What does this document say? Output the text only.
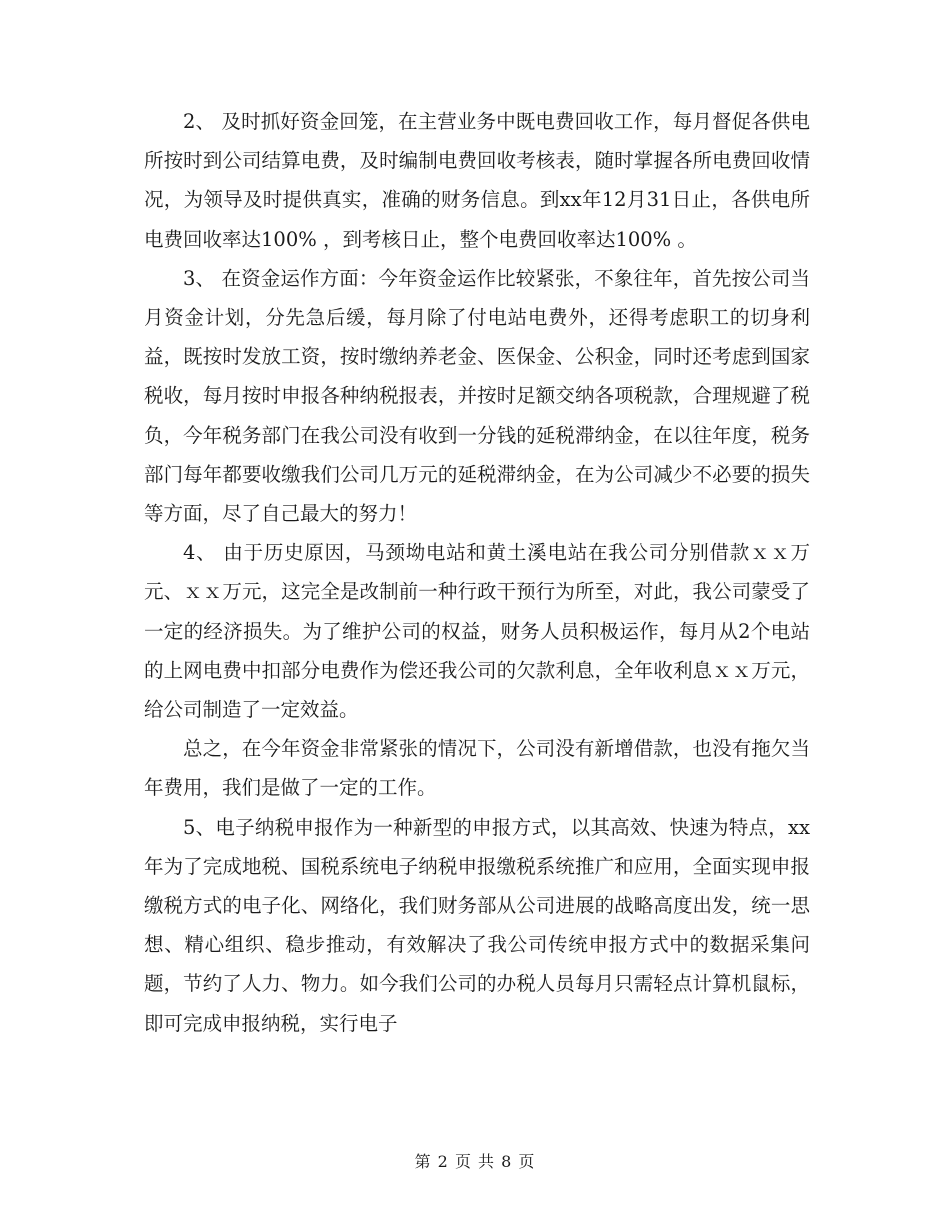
2、 及时抓好资金回笼，在主营业务中既电费回收工作，每月督促各供电所按时到公司结算电费，及时编制电费回收考核表，随时掌握各所电费回收情况，为领导及时提供真实，准确的财务信息。到xx年12月31日止，各供电所电费回收率达100% ，到考核日止，整个电费回收率达100% 。

3、 在资金运作方面：今年资金运作比较紧张，不象往年，首先按公司当月资金计划，分先急后缓，每月除了付电站电费外，还得考虑职工的切身利益，既按时发放工资，按时缴纳养老金、医保金、公积金，同时还考虑到国家税收，每月按时申报各种纳税报表，并按时足额交纳各项税款，合理规避了税负，今年税务部门在我公司没有收到一分钱的延税滞纳金，在以往年度，税务部门每年都要收缴我们公司几万元的延税滞纳金，在为公司减少不必要的损失等方面，尽了自己最大的努力！

4、 由于历史原因，马颈坳电站和黄土溪电站在我公司分别借款ｘｘ万元、ｘｘ万元，这完全是改制前一种行政干预行为所至，对此，我公司蒙受了一定的经济损失。为了维护公司的权益，财务人员积极运作，每月从2个电站的上网电费中扣部分电费作为偿还我公司的欠款利息，全年收利息ｘｘ万元，给公司制造了一定效益。

总之，在今年资金非常紧张的情况下，公司没有新增借款，也没有拖欠当年费用，我们是做了一定的工作。

5、电子纳税申报作为一种新型的申报方式，以其高效、快速为特点，xx年为了完成地税、国税系统电子纳税申报缴税系统推广和应用，全面实现申报缴税方式的电子化、网络化，我们财务部从公司进展的战略高度出发，统一思想、精心组织、稳步推动，有效解决了我公司传统申报方式中的数据采集问题，节约了人力、物力。如今我们公司的办税人员每月只需轻点计算机鼠标，即可完成申报纳税，实行电子

第 2 页 共 8 页
